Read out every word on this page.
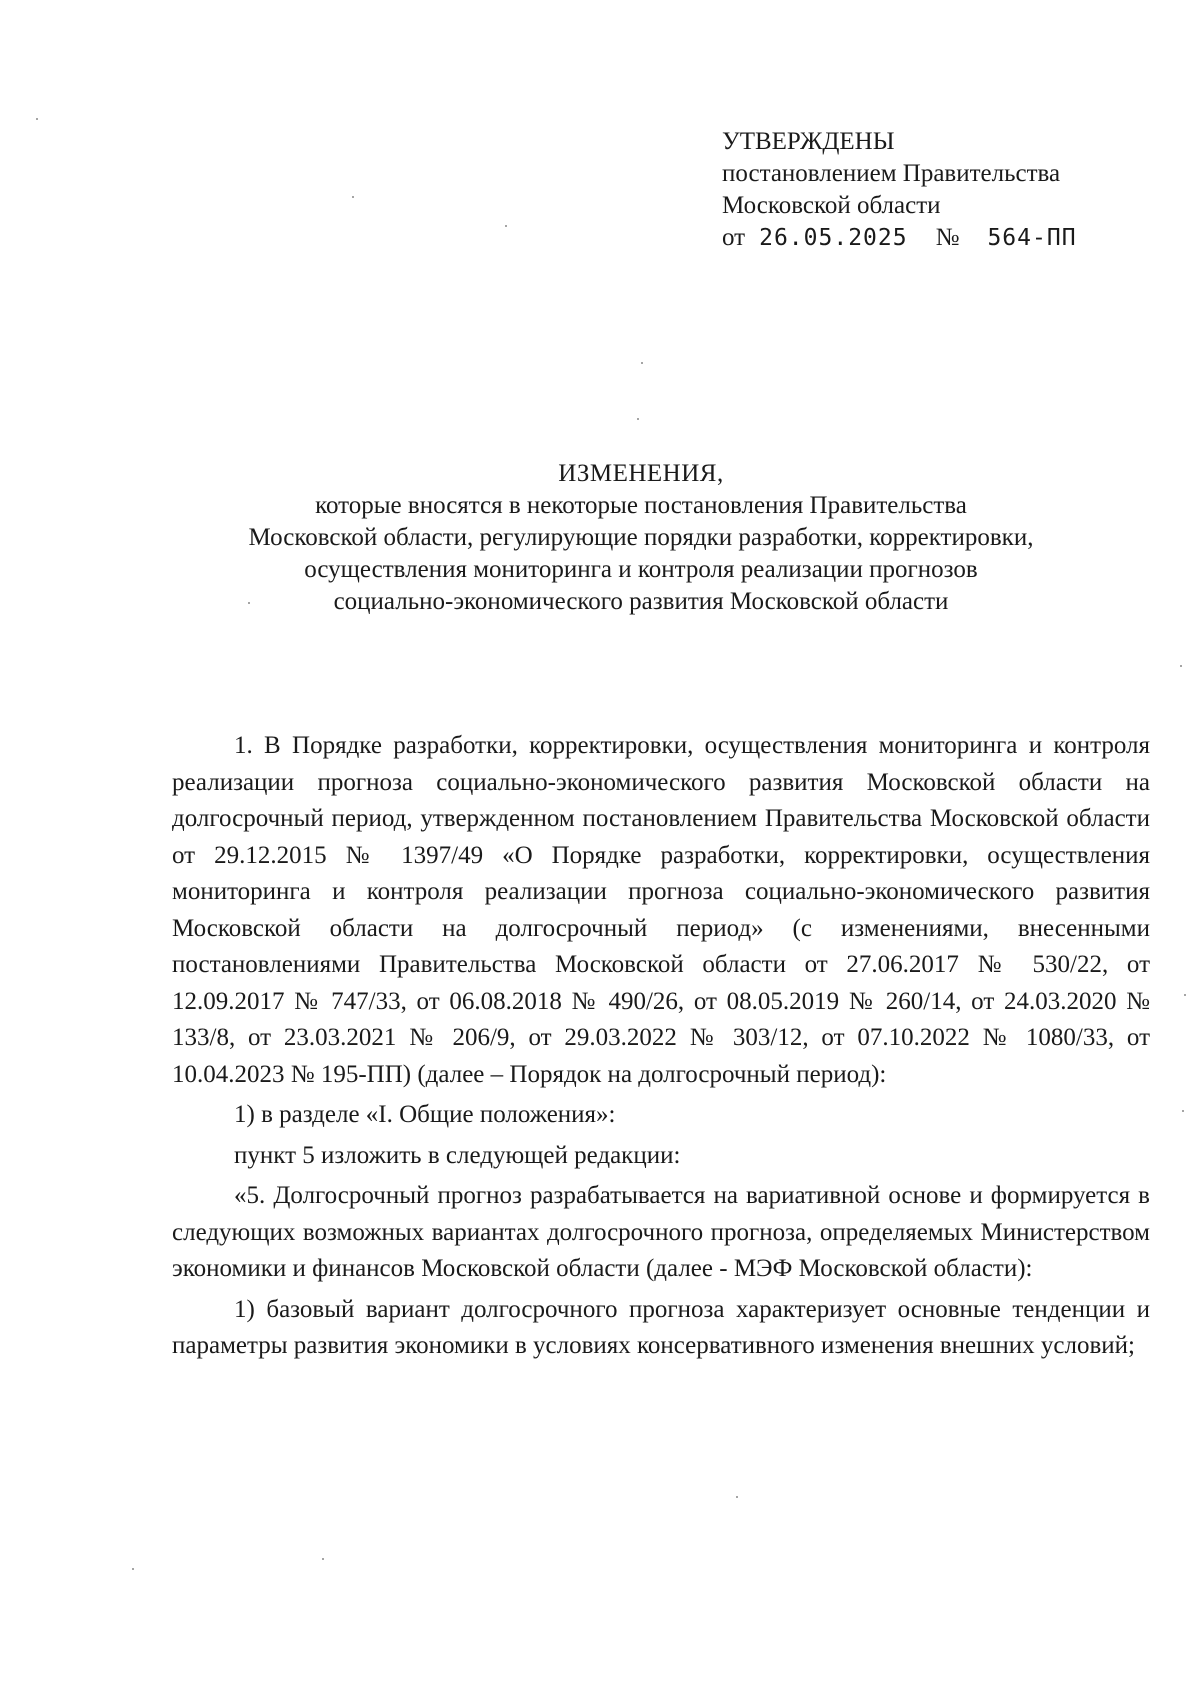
УТВЕРЖДЕНЫ
постановлением Правительства
Московской области
от 26.05.2025 № 564-ПП
ИЗМЕНЕНИЯ,
которые вносятся в некоторые постановления Правительства
Московской области, регулирующие порядки разработки, корректировки,
осуществления мониторинга и контроля реализации прогнозов
социально-экономического развития Московской области

1. В Порядке разработки, корректировки, осуществления мониторинга и контроля реализации прогноза социально-экономического развития Московской области на долгосрочный период, утвержденном постановлением Правительства Московской области от 29.12.2015 № 1397/49 «О Порядке разработки, корректировки, осуществления мониторинга и контроля реализации прогноза социально-экономического развития Московской области на долгосрочный период» (с изменениями, внесенными постановлениями Правительства Московской области от 27.06.2017 № 530/22, от 12.09.2017 № 747/33, от 06.08.2018 № 490/26, от 08.05.2019 № 260/14, от 24.03.2020 № 133/8, от 23.03.2021 № 206/9, от 29.03.2022 № 303/12, от 07.10.2022 № 1080/33, от 10.04.2023 № 195-ПП) (далее – Порядок на долгосрочный период):

1) в разделе «I. Общие положения»:

пункт 5 изложить в следующей редакции:

«5. Долгосрочный прогноз разрабатывается на вариативной основе и формируется в следующих возможных вариантах долгосрочного прогноза, определяемых Министерством экономики и финансов Московской области (далее - МЭФ Московской области):

1) базовый вариант долгосрочного прогноза характеризует основные тенденции и параметры развития экономики в условиях консервативного изменения внешних условий;
